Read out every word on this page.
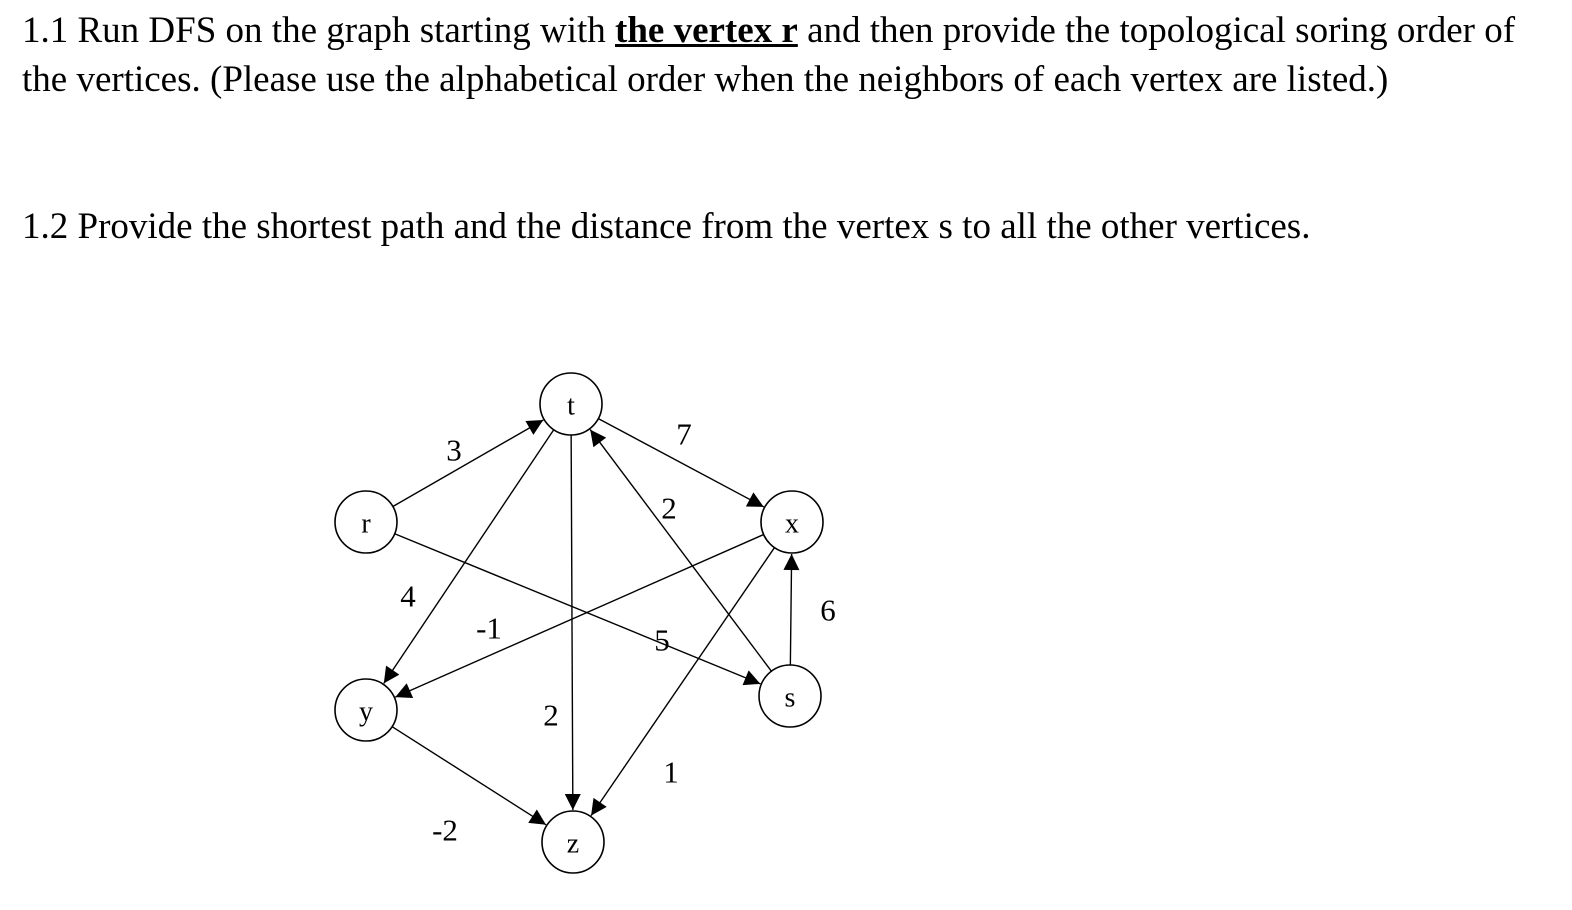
1.1 Run DFS on the graph starting with the vertex r and then provide the topological soring order of the vertices. (Please use the alphabetical order when the neighbors of each vertex are listed.)

1.2 Provide the shortest path and the distance from the vertex s to all the other vertices.

3
5
7
4
2
-1
1
2
6
-2
t
r	x
y	s
z
